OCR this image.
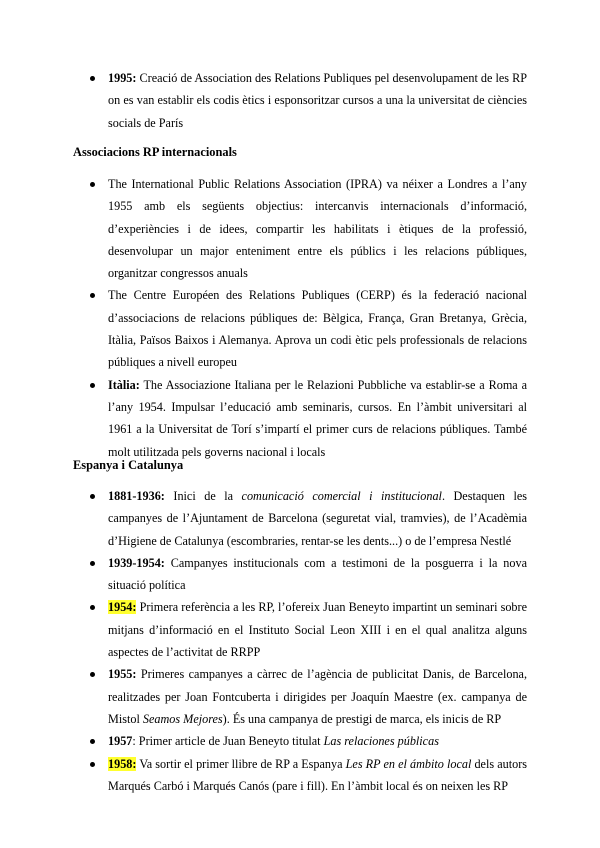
1995: Creació de Association des Relations Publiques pel desenvolupament de les RP on es van establir els codis ètics i esponsoritzar cursos a una la universitat de ciències socials de París
Associacions RP internacionals
The International Public Relations Association (IPRA) va néixer a Londres a l’any 1955 amb els següents objectius: intercanvis internacionals d’informació, d’experiències i de idees, compartir les habilitats i ètiques de la professió, desenvolupar un major enteniment entre els públics i les relacions públiques, organitzar congressos anuals
The Centre Européen des Relations Publiques (CERP) és la federació nacional d’associacions de relacions públiques de: Bèlgica, França, Gran Bretanya, Grècia, Itàlia, Països Baixos i Alemanya. Aprova un codi ètic pels professionals de relacions públiques a nivell europeu
Itàlia: The Associazione Italiana per le Relazioni Pubbliche va establir-se a Roma a l’any 1954. Impulsar l’educació amb seminaris, cursos. En l’àmbit universitari al 1961 a la Universitat de Torí s’impartí el primer curs de relacions públiques. També molt utilitzada pels governs nacional i locals
Espanya i Catalunya
1881-1936: Inici de la comunicació comercial i institucional. Destaquen les campanyes de l’Ajuntament de Barcelona (seguretat vial, tramvies), de l’Acadèmia d’Higiene de Catalunya (escombraries, rentar-se les dents...) o de l’empresa Nestlé
1939-1954: Campanyes institucionals com a testimoni de la posguerra i la nova situació política
1954: Primera referència a les RP, l’ofereix Juan Beneyto impartint un seminari sobre mitjans d’informació en el Instituto Social Leon XIII i en el qual analitza alguns aspectes de l’activitat de RRPP
1955: Primeres campanyes a càrrec de l’agència de publicitat Danis, de Barcelona, realitzades per Joan Fontcuberta i dirigides per Joaquín Maestre (ex. campanya de Mistol Seamos Mejores). És una campanya de prestigi de marca, els inicis de RP
1957: Primer article de Juan Beneyto titulat Las relaciones públicas
1958: Va sortir el primer llibre de RP a Espanya Les RP en el ámbito local dels autors Marqués Carbó i Marqués Canós (pare i fill). En l’àmbit local és on neixen les RP
